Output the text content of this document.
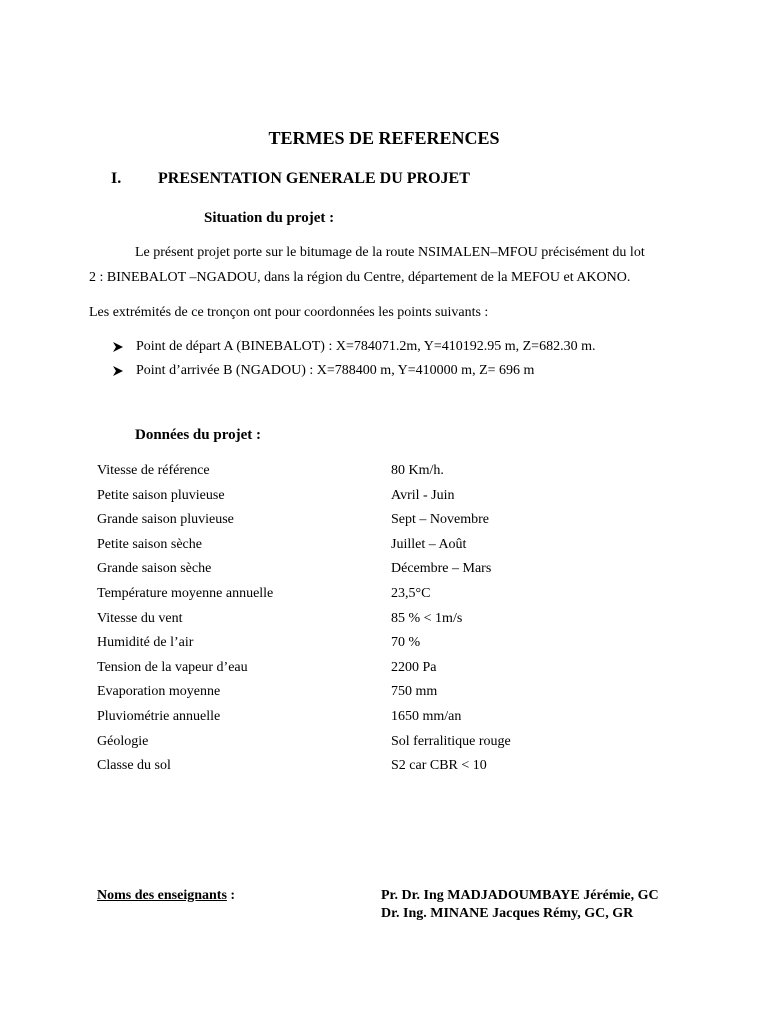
TERMES DE REFERENCES
I. PRESENTATION GENERALE DU PROJET
Situation du projet :
Le présent projet porte sur le bitumage de la route NSIMALEN–MFOU précisément du lot
2 : BINEBALOT –NGADOU, dans la région du Centre, département de la MEFOU et AKONO.
Les extrémités de ce tronçon ont pour coordonnées les points suivants :
Point de départ A (BINEBALOT) : X=784071.2m, Y=410192.95 m, Z=682.30 m.
Point d’arrivée B (NGADOU) : X=788400 m, Y=410000 m, Z= 696 m
Données du projet :
Vitesse de référence	80 Km/h.
Petite saison pluvieuse	Avril - Juin
Grande saison pluvieuse	Sept – Novembre
Petite saison sèche	Juillet – Août
Grande saison sèche	Décembre – Mars
Température moyenne annuelle	23,5°C
Vitesse du vent	85 % < 1m/s
Humidité de l’air	70 %
Tension de la vapeur d’eau	2200 Pa
Evaporation moyenne	750 mm
Pluviométrie annuelle	1650 mm/an
Géologie	Sol ferralitique rouge
Classe du sol	S2 car CBR < 10
Noms des enseignants :	Pr. Dr. Ing MADJADOUMBAYE Jérémie, GC
Dr. Ing. MINANE Jacques Rémy, GC, GR
